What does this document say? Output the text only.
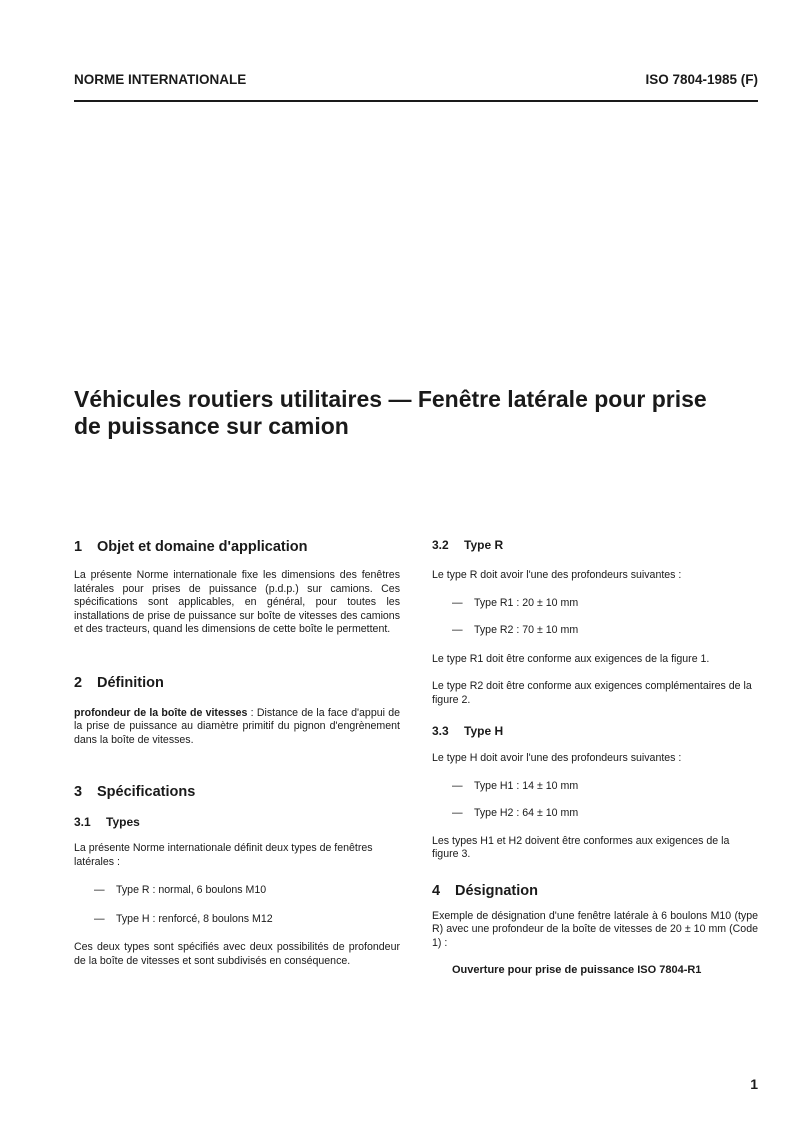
NORME INTERNATIONALE	ISO 7804-1985 (F)
Véhicules routiers utilitaires — Fenêtre latérale pour prise
de puissance sur camion
1 Objet et domaine d'application

La présente Norme internationale fixe les dimensions des fenêtres latérales pour prises de puissance (p.d.p.) sur camions. Ces spécifications sont applicables, en général, pour toutes les installations de prise de puissance sur boîte de vitesses des camions et des tracteurs, quand les dimensions de cette boîte le permettent.

2 Définition

profondeur de la boîte de vitesses : Distance de la face d'appui de la prise de puissance au diamètre primitif du pignon d'engrènement dans la boîte de vitesses.

3 Spécifications
3.1 Types

La présente Norme internationale définit deux types de fenêtres latérales :

—	Type R : normal, 6 boulons M10
—	Type H : renforcé, 8 boulons M12

Ces deux types sont spécifiés avec deux possibilités de profondeur de la boîte de vitesses et sont subdivisés en conséquence.

3.2 Type R

Le type R doit avoir l'une des profondeurs suivantes :

—	Type R1 : 20 ± 10 mm
—	Type R2 : 70 ± 10 mm

Le type R1 doit être conforme aux exigences de la figure 1.

Le type R2 doit être conforme aux exigences complémentaires de la figure 2.

3.3 Type H

Le type H doit avoir l'une des profondeurs suivantes :

—	Type H1 : 14 ± 10 mm
—	Type H2 : 64 ± 10 mm

Les types H1 et H2 doivent être conformes aux exigences de la figure 3.

4 Désignation

Exemple de désignation d'une fenêtre latérale à 6 boulons M10 (type R) avec une profondeur de la boîte de vitesses de 20 ± 10 mm (Code 1) :

Ouverture pour prise de puissance ISO 7804-R1

1
